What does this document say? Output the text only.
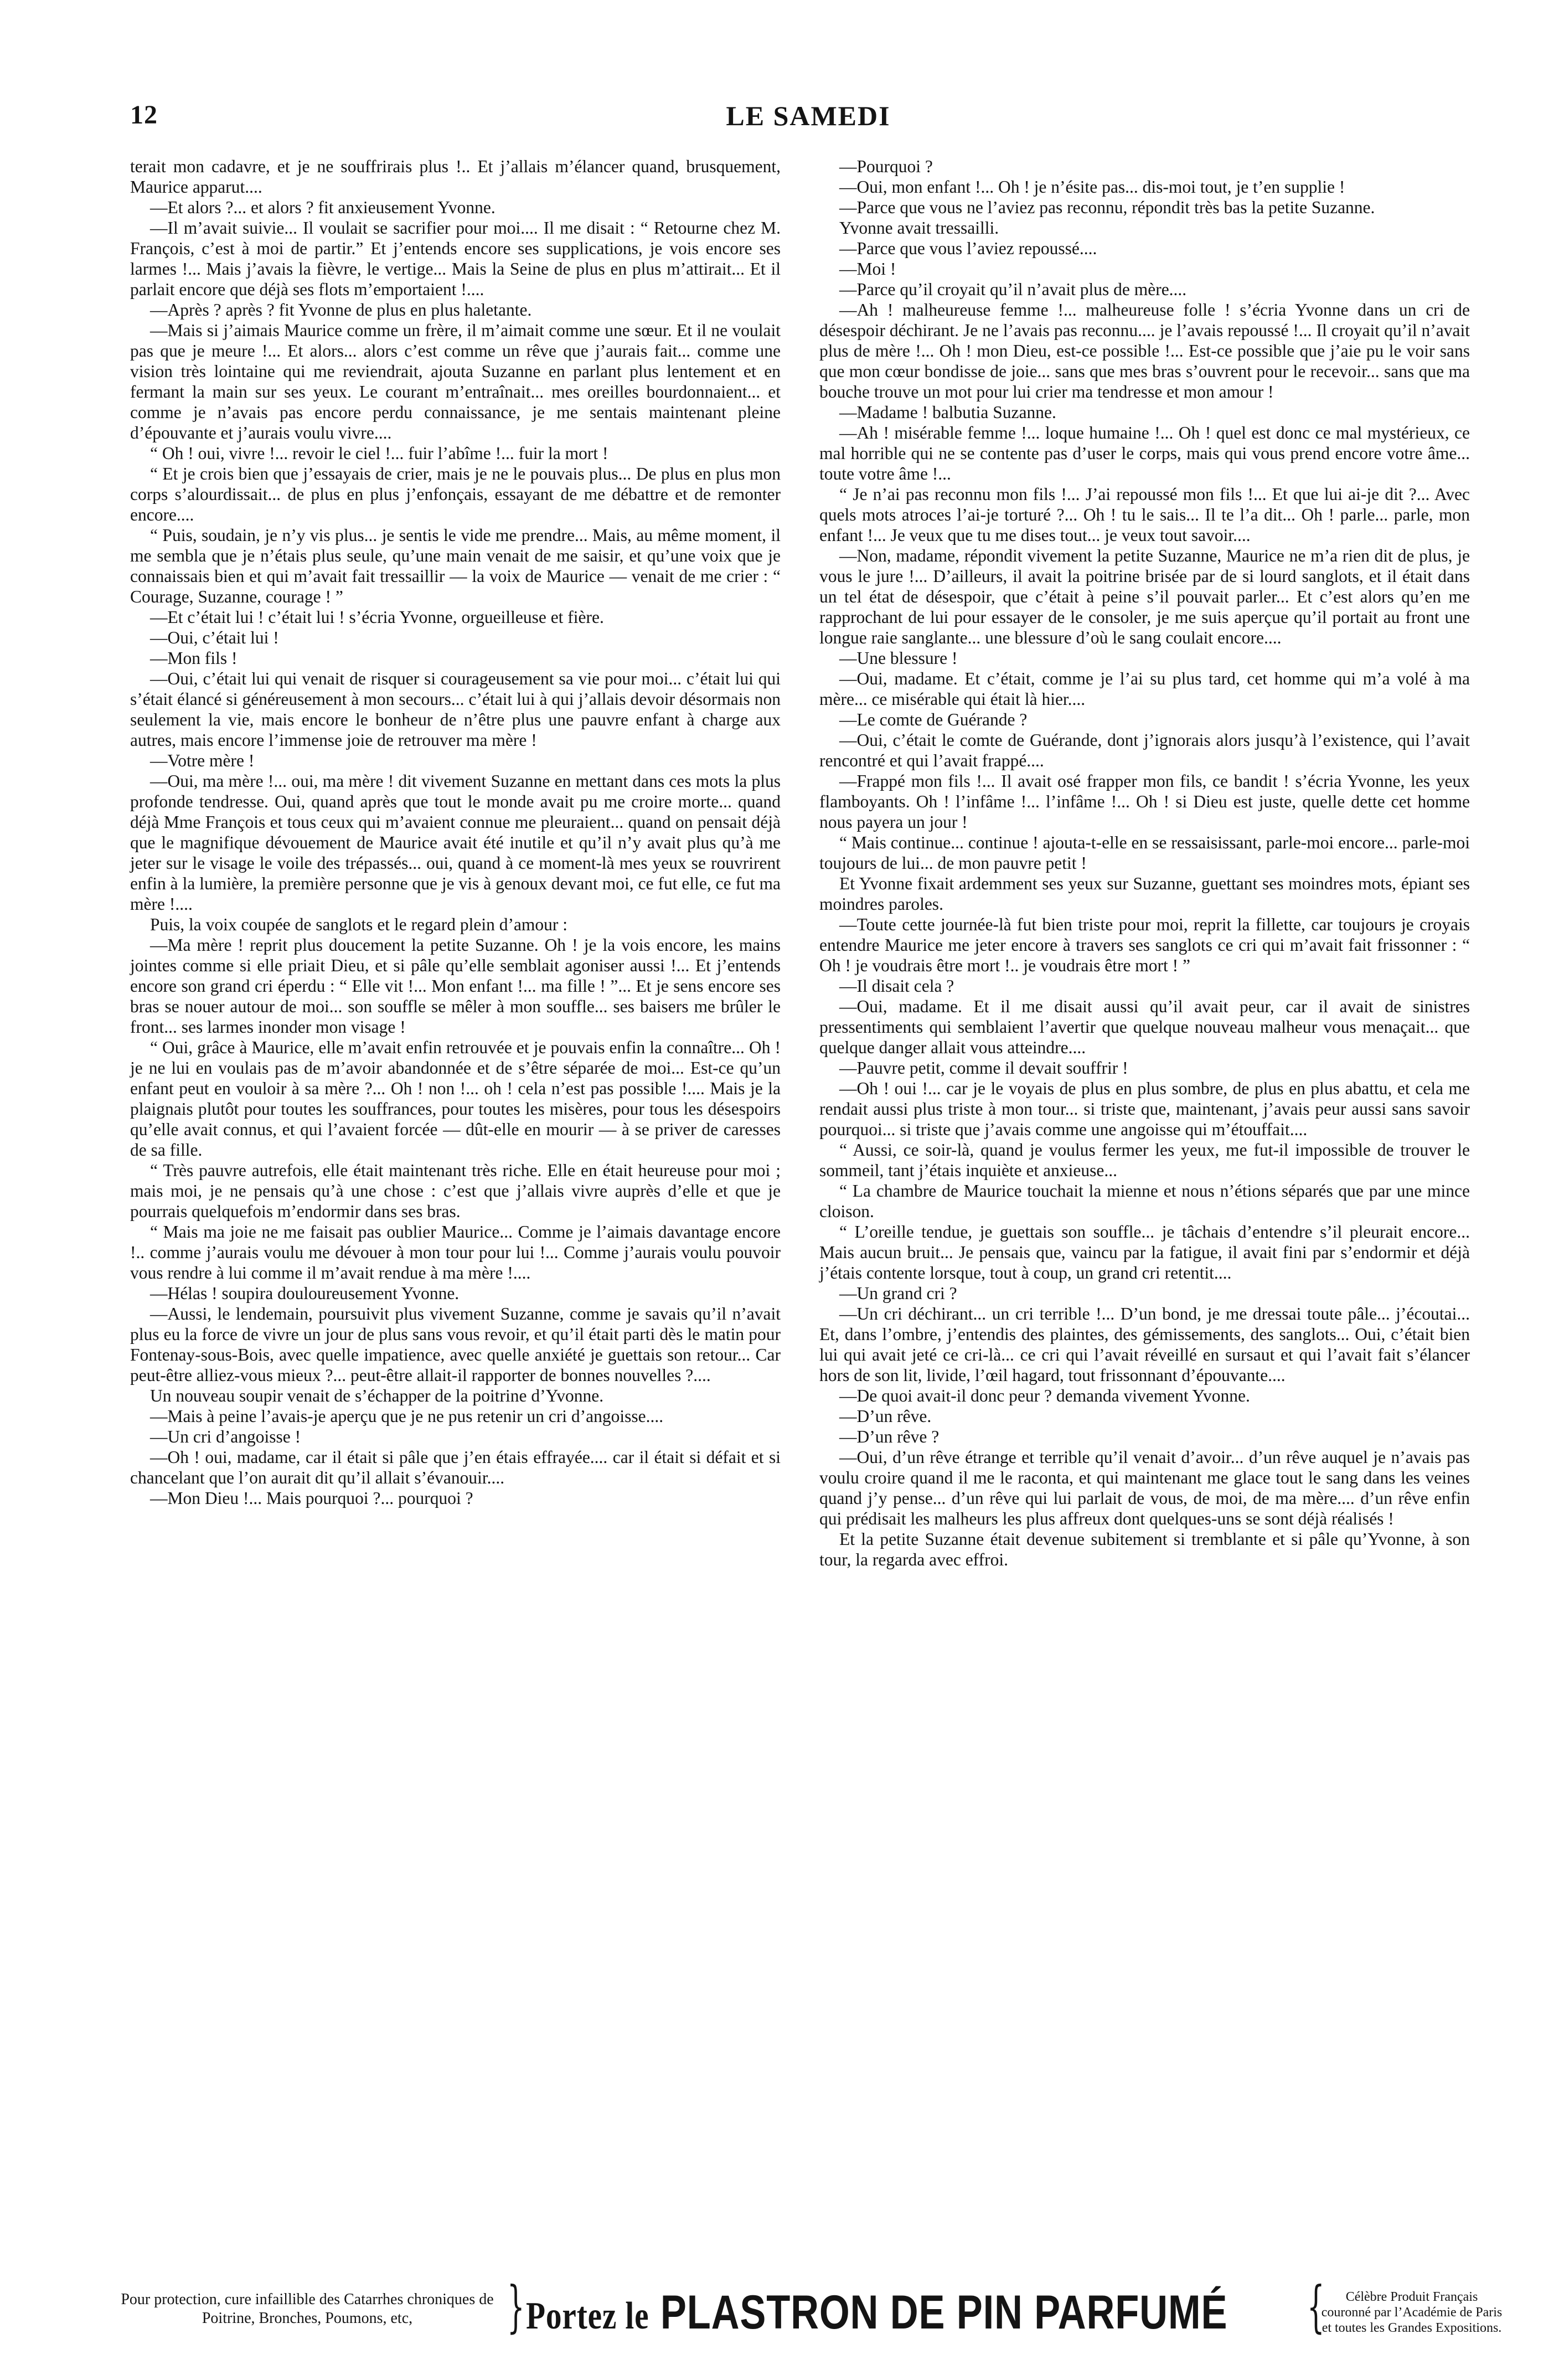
12	LE SAMEDI

terait mon cadavre, et je ne souffrirais plus !.. Et j’allais m’élancer quand, brusquement, Maurice apparut....

—Et alors ?... et alors ? fit anxieusement Yvonne.

—Il m’avait suivie... Il voulait se sacrifier pour moi.... Il me disait : “ Retourne chez M. François, c’est à moi de partir.” Et j’entends encore ses supplications, je vois encore ses larmes !... Mais j’avais la fièvre, le vertige... Mais la Seine de plus en plus m’attirait... Et il parlait encore que déjà ses flots m’emportaient !....

—Après ? après ? fit Yvonne de plus en plus haletante.

—Mais si j’aimais Maurice comme un frère, il m’aimait comme une sœur. Et il ne voulait pas que je meure !... Et alors... alors c’est comme un rêve que j’aurais fait... comme une vision très lointaine qui me reviendrait, ajouta Suzanne en parlant plus lentement et en fermant la main sur ses yeux. Le courant m’entraînait... mes oreilles bourdonnaient... et comme je n’avais pas encore perdu connaissance, je me sentais maintenant pleine d’épouvante et j’aurais voulu vivre....

“ Oh ! oui, vivre !... revoir le ciel !... fuir l’abîme !... fuir la mort !

“ Et je crois bien que j’essayais de crier, mais je ne le pouvais plus... De plus en plus mon corps s’alourdissait... de plus en plus j’enfonçais, essayant de me débattre et de remonter encore....

“ Puis, soudain, je n’y vis plus... je sentis le vide me prendre... Mais, au même moment, il me sembla que je n’étais plus seule, qu’une main venait de me saisir, et qu’une voix que je connaissais bien et qui m’avait fait tressaillir — la voix de Maurice — venait de me crier : “ Courage, Suzanne, courage ! ”

—Et c’était lui ! c’était lui ! s’écria Yvonne, orgueilleuse et fière.

—Oui, c’était lui !

—Mon fils !

—Oui, c’était lui qui venait de risquer si courageusement sa vie pour moi... c’était lui qui s’était élancé si généreusement à mon secours... c’était lui à qui j’allais devoir désormais non seulement la vie, mais encore le bonheur de n’être plus une pauvre enfant à charge aux autres, mais encore l’immense joie de retrouver ma mère !

—Votre mère !

—Oui, ma mère !... oui, ma mère ! dit vivement Suzanne en mettant dans ces mots la plus profonde tendresse. Oui, quand après que tout le monde avait pu me croire morte... quand déjà Mme François et tous ceux qui m’avaient connue me pleuraient... quand on pensait déjà que le magnifique dévouement de Maurice avait été inutile et qu’il n’y avait plus qu’à me jeter sur le visage le voile des trépassés... oui, quand à ce moment-là mes yeux se rouvrirent enfin à la lumière, la première personne que je vis à genoux devant moi, ce fut elle, ce fut ma mère !....

Puis, la voix coupée de sanglots et le regard plein d’amour :

—Ma mère ! reprit plus doucement la petite Suzanne. Oh ! je la vois encore, les mains jointes comme si elle priait Dieu, et si pâle qu’elle semblait agoniser aussi !... Et j’entends encore son grand cri éperdu : “ Elle vit !... Mon enfant !... ma fille ! ”... Et je sens encore ses bras se nouer autour de moi... son souffle se mêler à mon souffle... ses baisers me brûler le front... ses larmes inonder mon visage !

“ Oui, grâce à Maurice, elle m’avait enfin retrouvée et je pouvais enfin la connaître... Oh ! je ne lui en voulais pas de m’avoir abandonnée et de s’être séparée de moi... Est-ce qu’un enfant peut en vouloir à sa mère ?... Oh ! non !... oh ! cela n’est pas possible !.... Mais je la plaignais plutôt pour toutes les souffrances, pour toutes les misères, pour tous les désespoirs qu’elle avait connus, et qui l’avaient forcée — dût-elle en mourir — à se priver de caresses de sa fille.

“ Très pauvre autrefois, elle était maintenant très riche. Elle en était heureuse pour moi ; mais moi, je ne pensais qu’à une chose : c’est que j’allais vivre auprès d’elle et que je pourrais quelquefois m’endormir dans ses bras.

“ Mais ma joie ne me faisait pas oublier Maurice... Comme je l’aimais davantage encore !.. comme j’aurais voulu me dévouer à mon tour pour lui !... Comme j’aurais voulu pouvoir vous rendre à lui comme il m’avait rendue à ma mère !....

—Hélas ! soupira douloureusement Yvonne.

—Aussi, le lendemain, poursuivit plus vivement Suzanne, comme je savais qu’il n’avait plus eu la force de vivre un jour de plus sans vous revoir, et qu’il était parti dès le matin pour Fontenay-sous-Bois, avec quelle impatience, avec quelle anxiété je guettais son retour... Car peut-être alliez-vous mieux ?... peut-être allait-il rapporter de bonnes nouvelles ?....

Un nouveau soupir venait de s’échapper de la poitrine d’Yvonne.

—Mais à peine l’avais-je aperçu que je ne pus retenir un cri d’angoisse....

—Un cri d’angoisse !

—Oh ! oui, madame, car il était si pâle que j’en étais effrayée.... car il était si défait et si chancelant que l’on aurait dit qu’il allait s’évanouir....

—Mon Dieu !... Mais pourquoi ?... pourquoi ?

—Pourquoi ?

—Oui, mon enfant !... Oh ! je n’ésite pas... dis-moi tout, je t’en supplie !

—Parce que vous ne l’aviez pas reconnu, répondit très bas la petite Suzanne.

Yvonne avait tressailli.

—Parce que vous l’aviez repoussé....

—Moi !

—Parce qu’il croyait qu’il n’avait plus de mère....

—Ah ! malheureuse femme !... malheureuse folle ! s’écria Yvonne dans un cri de désespoir déchirant. Je ne l’avais pas reconnu.... je l’avais repoussé !... Il croyait qu’il n’avait plus de mère !... Oh ! mon Dieu, est-ce possible !... Est-ce possible que j’aie pu le voir sans que mon cœur bondisse de joie... sans que mes bras s’ouvrent pour le recevoir... sans que ma bouche trouve un mot pour lui crier ma tendresse et mon amour !

—Madame ! balbutia Suzanne.

—Ah ! misérable femme !... loque humaine !... Oh ! quel est donc ce mal mystérieux, ce mal horrible qui ne se contente pas d’user le corps, mais qui vous prend encore votre âme... toute votre âme !...

“ Je n’ai pas reconnu mon fils !... J’ai repoussé mon fils !... Et que lui ai-je dit ?... Avec quels mots atroces l’ai-je torturé ?... Oh ! tu le sais... Il te l’a dit... Oh ! parle... parle, mon enfant !... Je veux que tu me dises tout... je veux tout savoir....

—Non, madame, répondit vivement la petite Suzanne, Maurice ne m’a rien dit de plus, je vous le jure !... D’ailleurs, il avait la poitrine brisée par de si lourd sanglots, et il était dans un tel état de désespoir, que c’était à peine s’il pouvait parler... Et c’est alors qu’en me rapprochant de lui pour essayer de le consoler, je me suis aperçue qu’il portait au front une longue raie sanglante... une blessure d’où le sang coulait encore....

—Une blessure !

—Oui, madame. Et c’était, comme je l’ai su plus tard, cet homme qui m’a volé à ma mère... ce misérable qui était là hier....

—Le comte de Guérande ?

—Oui, c’était le comte de Guérande, dont j’ignorais alors jusqu’à l’existence, qui l’avait rencontré et qui l’avait frappé....

—Frappé mon fils !... Il avait osé frapper mon fils, ce bandit ! s’écria Yvonne, les yeux flamboyants. Oh ! l’infâme !... l’infâme !... Oh ! si Dieu est juste, quelle dette cet homme nous payera un jour !

“ Mais continue... continue ! ajouta-t-elle en se ressaisissant, parle-moi encore... parle-moi toujours de lui... de mon pauvre petit !

Et Yvonne fixait ardemment ses yeux sur Suzanne, guettant ses moindres mots, épiant ses moindres paroles.

—Toute cette journée-là fut bien triste pour moi, reprit la fillette, car toujours je croyais entendre Maurice me jeter encore à travers ses sanglots ce cri qui m’avait fait frissonner : “ Oh ! je voudrais être mort !.. je voudrais être mort ! ”

—Il disait cela ?

—Oui, madame. Et il me disait aussi qu’il avait peur, car il avait de sinistres pressentiments qui semblaient l’avertir que quelque nouveau malheur vous menaçait... que quelque danger allait vous atteindre....

—Pauvre petit, comme il devait souffrir !

—Oh ! oui !... car je le voyais de plus en plus sombre, de plus en plus abattu, et cela me rendait aussi plus triste à mon tour... si triste que, maintenant, j’avais peur aussi sans savoir pourquoi... si triste que j’avais comme une angoisse qui m’étouffait....

“ Aussi, ce soir-là, quand je voulus fermer les yeux, me fut-il impossible de trouver le sommeil, tant j’étais inquiète et anxieuse...

“ La chambre de Maurice touchait la mienne et nous n’étions séparés que par une mince cloison.

“ L’oreille tendue, je guettais son souffle... je tâchais d’entendre s’il pleurait encore... Mais aucun bruit... Je pensais que, vaincu par la fatigue, il avait fini par s’endormir et déjà j’étais contente lorsque, tout à coup, un grand cri retentit....

—Un grand cri ?

—Un cri déchirant... un cri terrible !... D’un bond, je me dressai toute pâle... j’écoutai... Et, dans l’ombre, j’entendis des plaintes, des gémissements, des sanglots... Oui, c’était bien lui qui avait jeté ce cri-là... ce cri qui l’avait réveillé en sursaut et qui l’avait fait s’élancer hors de son lit, livide, l’œil hagard, tout frissonnant d’épouvante....

—De quoi avait-il donc peur ? demanda vivement Yvonne.

—D’un rêve.

—D’un rêve ?

—Oui, d’un rêve étrange et terrible qu’il venait d’avoir... d’un rêve auquel je n’avais pas voulu croire quand il me le raconta, et qui maintenant me glace tout le sang dans les veines quand j’y pense... d’un rêve qui lui parlait de vous, de moi, de ma mère.... d’un rêve enfin qui prédisait les malheurs les plus affreux dont quelques-uns se sont déjà réalisés !

Et la petite Suzanne était devenue subitement si tremblante et si pâle qu’Yvonne, à son tour, la regarda avec effroi.

Pour protection, cure infaillible des Catarrhes chroniques de Poitrine, Bronches, Poumons, etc,	} Portez le PLASTRON DE PIN PARFUMÉ {	Célèbre Produit Français couronné par l’Académie de Paris et toutes les Grandes Expositions.
